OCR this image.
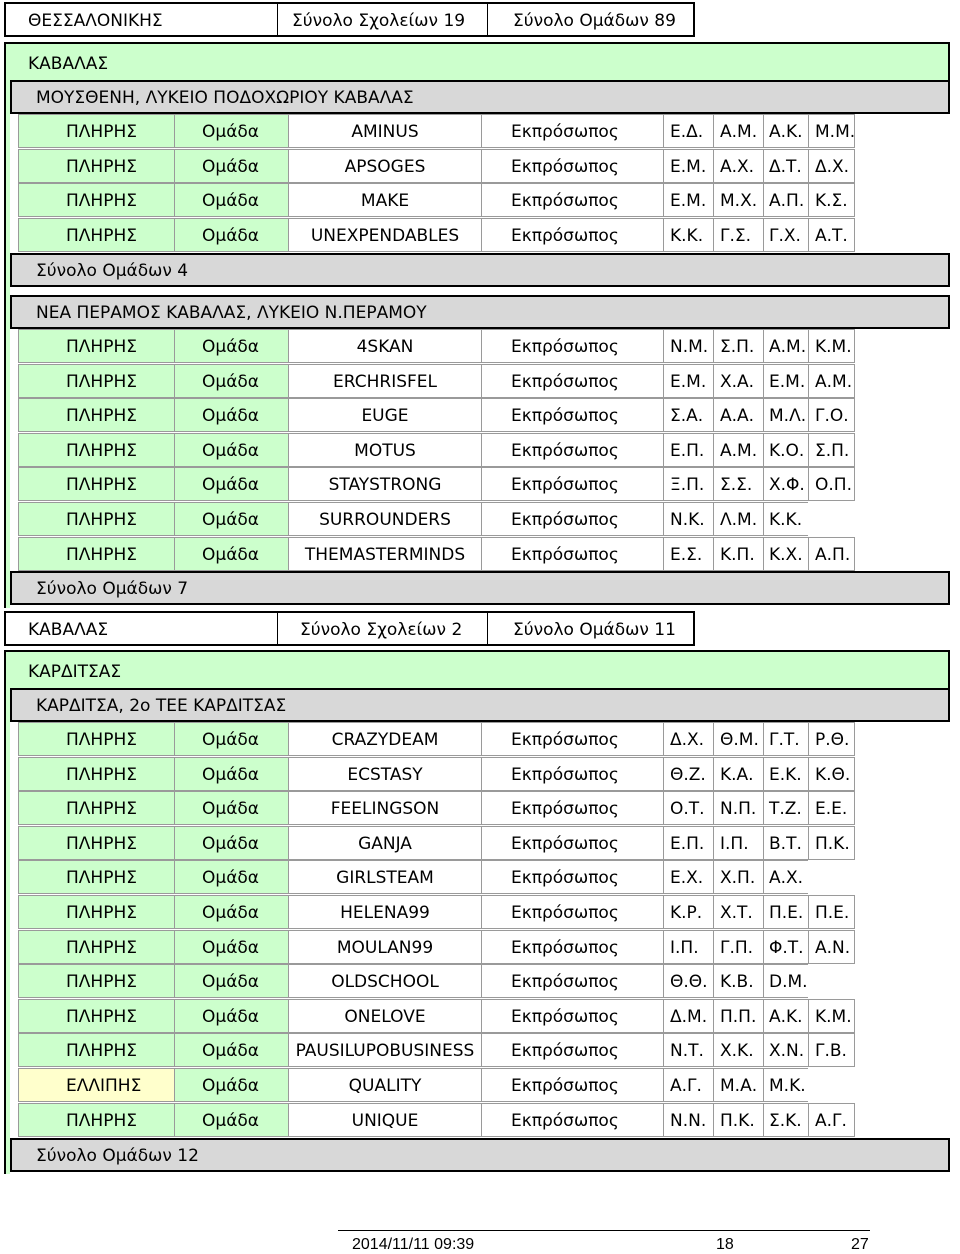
ΘΕΣΣΑΛΟΝΙΚΗΣ	Σύνολο Σχολείων 19	Σύνολο Ομάδων 89
ΚΑΒΑΛΑΣ
ΜΟΥΣΘΕΝΗ, ΛΥΚΕΙΟ ΠΟΔΟΧΩΡΙΟΥ ΚΑΒΑΛΑΣ
ΠΛΗΡΗΣ	Ομάδα	AMINUS	Εκπρόσωπος	Ε.Δ. Α.Μ. Α.Κ. Μ.Μ.
ΠΛΗΡΗΣ	Ομάδα	APSOGES	Εκπρόσωπος	Ε.Μ. Α.Χ. Δ.Τ. Δ.Χ.
ΠΛΗΡΗΣ	Ομάδα	MAKE	Εκπρόσωπος	Ε.Μ. Μ.Χ. Α.Π. Κ.Σ.
ΠΛΗΡΗΣ	Ομάδα	UNEXPENDABLES	Εκπρόσωπος	Κ.Κ. Γ.Σ.	Γ.Χ. Α.Τ.
Σύνολο Ομάδων 4
ΝΕΑ ΠΕΡΑΜΟΣ ΚΑΒΑΛΑΣ, ΛΥΚΕΙΟ Ν.ΠΕΡΑΜΟΥ
ΠΛΗΡΗΣ	Ομάδα	4SKAN	Εκπρόσωπος	Ν.Μ. Σ.Π. Α.Μ. Κ.Μ.
ΠΛΗΡΗΣ	Ομάδα	ERCHRISFEL	Εκπρόσωπος	Ε.Μ. Χ.Α. Ε.Μ. Α.Μ.
ΠΛΗΡΗΣ	Ομάδα	EUGE	Εκπρόσωπος	Σ.Α. Α.Α. Μ.Λ. Γ.Ο.
ΠΛΗΡΗΣ	Ομάδα	MOTUS	Εκπρόσωπος	Ε.Π. Α.Μ. Κ.Ο. Σ.Π.
ΠΛΗΡΗΣ	Ομάδα	STAYSTRONG	Εκπρόσωπος	Ξ.Π. Σ.Σ. Χ.Φ. Ο.Π.
ΠΛΗΡΗΣ	Ομάδα	SURROUNDERS	Εκπρόσωπος	Ν.Κ. Λ.Μ. Κ.Κ.
ΠΛΗΡΗΣ	Ομάδα	THEMASTERMINDS	Εκπρόσωπος	Ε.Σ.	Κ.Π. Κ.Χ. Α.Π.
Σύνολο Ομάδων 7
ΚΑΒΑΛΑΣ	Σύνολο Σχολείων 2	Σύνολο Ομάδων 11
ΚΑΡΔΙΤΣΑΣ
ΚΑΡΔΙΤΣΑ, 2ο ΤΕΕ ΚΑΡΔΙΤΣΑΣ
ΠΛΗΡΗΣ	Ομάδα	CRAZYDEAM	Εκπρόσωπος	Δ.Χ. Θ.Μ. Γ.Τ. Ρ.Θ.
ΠΛΗΡΗΣ	Ομάδα	ECSTASY	Εκπρόσωπος	Θ.Ζ. Κ.Α. Ε.Κ. Κ.Θ.
ΠΛΗΡΗΣ	Ομάδα	FEELINGSON	Εκπρόσωπος	Ο.Τ. Ν.Π. Τ.Ζ. Ε.Ε.
ΠΛΗΡΗΣ	Ομάδα	GANJA	Εκπρόσωπος	Ε.Π. Ι.Π.	Β.Τ. Π.Κ.
ΠΛΗΡΗΣ	Ομάδα	GIRLSTEAM	Εκπρόσωπος	Ε.Χ. Χ.Π. Α.Χ.
ΠΛΗΡΗΣ	Ομάδα	HELENA99	Εκπρόσωπος	Κ.Ρ.	Χ.Τ. Π.Ε. Π.Ε.
ΠΛΗΡΗΣ	Ομάδα	MOULAN99	Εκπρόσωπος	Ι.Π.	Γ.Π. Φ.Τ. Α.Ν.
ΠΛΗΡΗΣ	Ομάδα	OLDSCHOOL	Εκπρόσωπος	Θ.Θ. Κ.Β. D.M.
ΠΛΗΡΗΣ	Ομάδα	ONELOVE	Εκπρόσωπος	Δ.Μ. Π.Π. Α.Κ. Κ.Μ.
ΠΛΗΡΗΣ	Ομάδα	PAUSILUPOBUSINESS	Εκπρόσωπος	Ν.Τ. Χ.Κ. Χ.Ν. Γ.Β.
ΕΛΛΙΠΗΣ	Ομάδα	QUALITY	Εκπρόσωπος	Α.Γ.	Μ.Α. Μ.Κ.
ΠΛΗΡΗΣ	Ομάδα	UNIQUE	Εκπρόσωπος	Ν.Ν. Π.Κ. Σ.Κ. Α.Γ.
Σύνολο Ομάδων 12
2014/11/11 09:39	18	27
